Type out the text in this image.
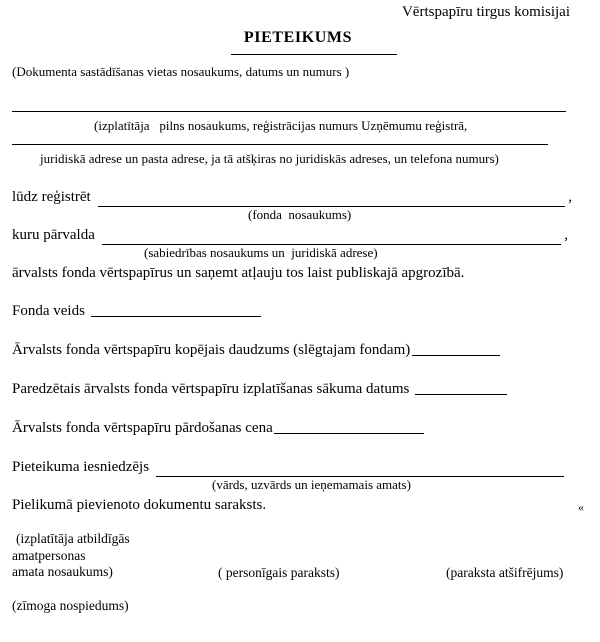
Vērtspapīru tirgus komisijai
PIETEIKUMS
(Dokumenta sastādīšanas vietas nosaukums, datums un numurs )
(izplatītāja   pilns nosaukums, reģistrācijas numurs Uzņēmumu reģistrā,
juridiskā adrese un pasta adrese, ja tā atšķiras no juridiskās adreses, un telefona numurs)
lūdz reģistrēt	,
(fonda  nosaukums)
kuru pārvalda	,
(sabiedrības nosaukums un  juridiskā adrese)
ārvalsts fonda vērtspapīrus un saņemt atļauju tos laist publiskajā apgrozībā.
Fonda veids
Ārvalsts fonda vērtspapīru kopējais daudzums (slēgtajam fondam)
Paredzētais ārvalsts fonda vērtspapīru izplatīšanas sākuma datums
Ārvalsts fonda vērtspapīru pārdošanas cena
Pieteikuma iesniedzējs
(vārds, uzvārds un ieņemamais amats)
Pielikumā pievienoto dokumentu saraksts.	«
(izplatītāja atbildīgās
amatpersonas
amata nosaukums)	( personīgais paraksts)	(paraksta atšifrējums)
(zīmoga nospiedums)
